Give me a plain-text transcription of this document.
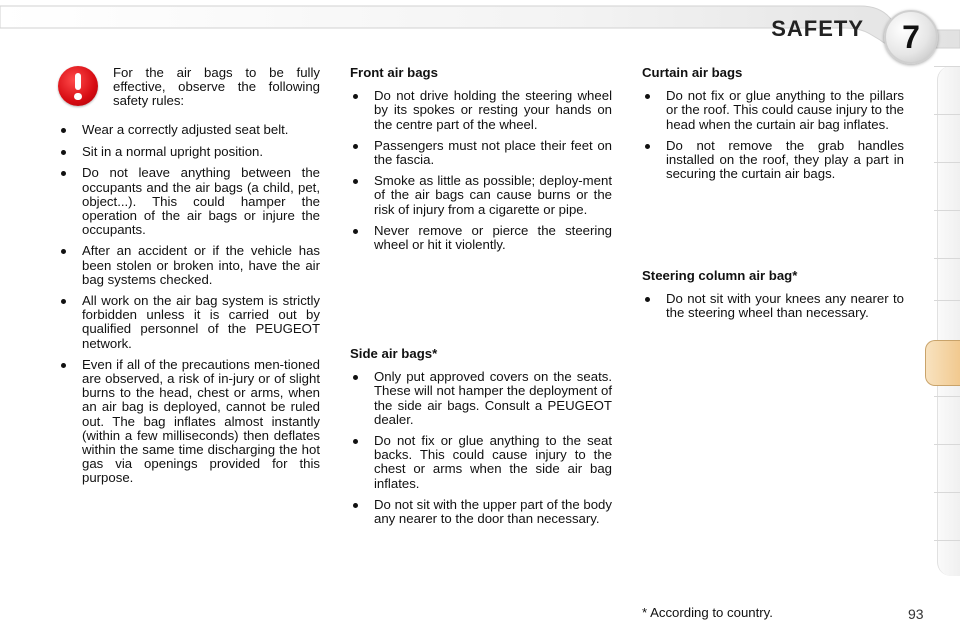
SAFETY	7
For the air bags to be fully effective, observe the following safety rules:
Wear a correctly adjusted seat belt.
Sit in a normal upright position.
Do not leave anything between the occupants and the air bags (a child, pet, object...). This could hamper the operation of the air bags or injure the occupants.
After an accident or if the vehicle has been stolen or broken into, have the air bag systems checked.
All work on the air bag system is strictly forbidden unless it is carried out by qualified personnel of the PEUGEOT network.
Even if all of the precautions men-tioned are observed, a risk of in-jury or of slight burns to the head, chest or arms, when an air bag is deployed, cannot be ruled out. The bag inflates almost instantly (within a few milliseconds) then deflates within the same time discharging the hot gas via openings provided for this purpose.
Front air bags
Do not drive holding the steering wheel by its spokes or resting your hands on the centre part of the wheel.
Passengers must not place their feet on the fascia.
Smoke as little as possible; deploy-ment of the air bags can cause burns or the risk of injury from a cigarette or pipe.
Never remove or pierce the steering wheel or hit it violently.
Side air bags*
Only put approved covers on the seats. These will not hamper the deployment of the side air bags. Consult a PEUGEOT dealer.
Do not fix or glue anything to the seat backs. This could cause injury to the chest or arms when the side air bag inflates.
Do not sit with the upper part of the body any nearer to the door than necessary.
Curtain air bags
Do not fix or glue anything to the pillars or the roof. This could cause injury to the head when the curtain air bag inflates.
Do not remove the grab handles installed on the roof, they play a part in securing the curtain air bags.
Steering column air bag*
Do not sit with your knees any nearer to the steering wheel than necessary.
* According to country.	93
